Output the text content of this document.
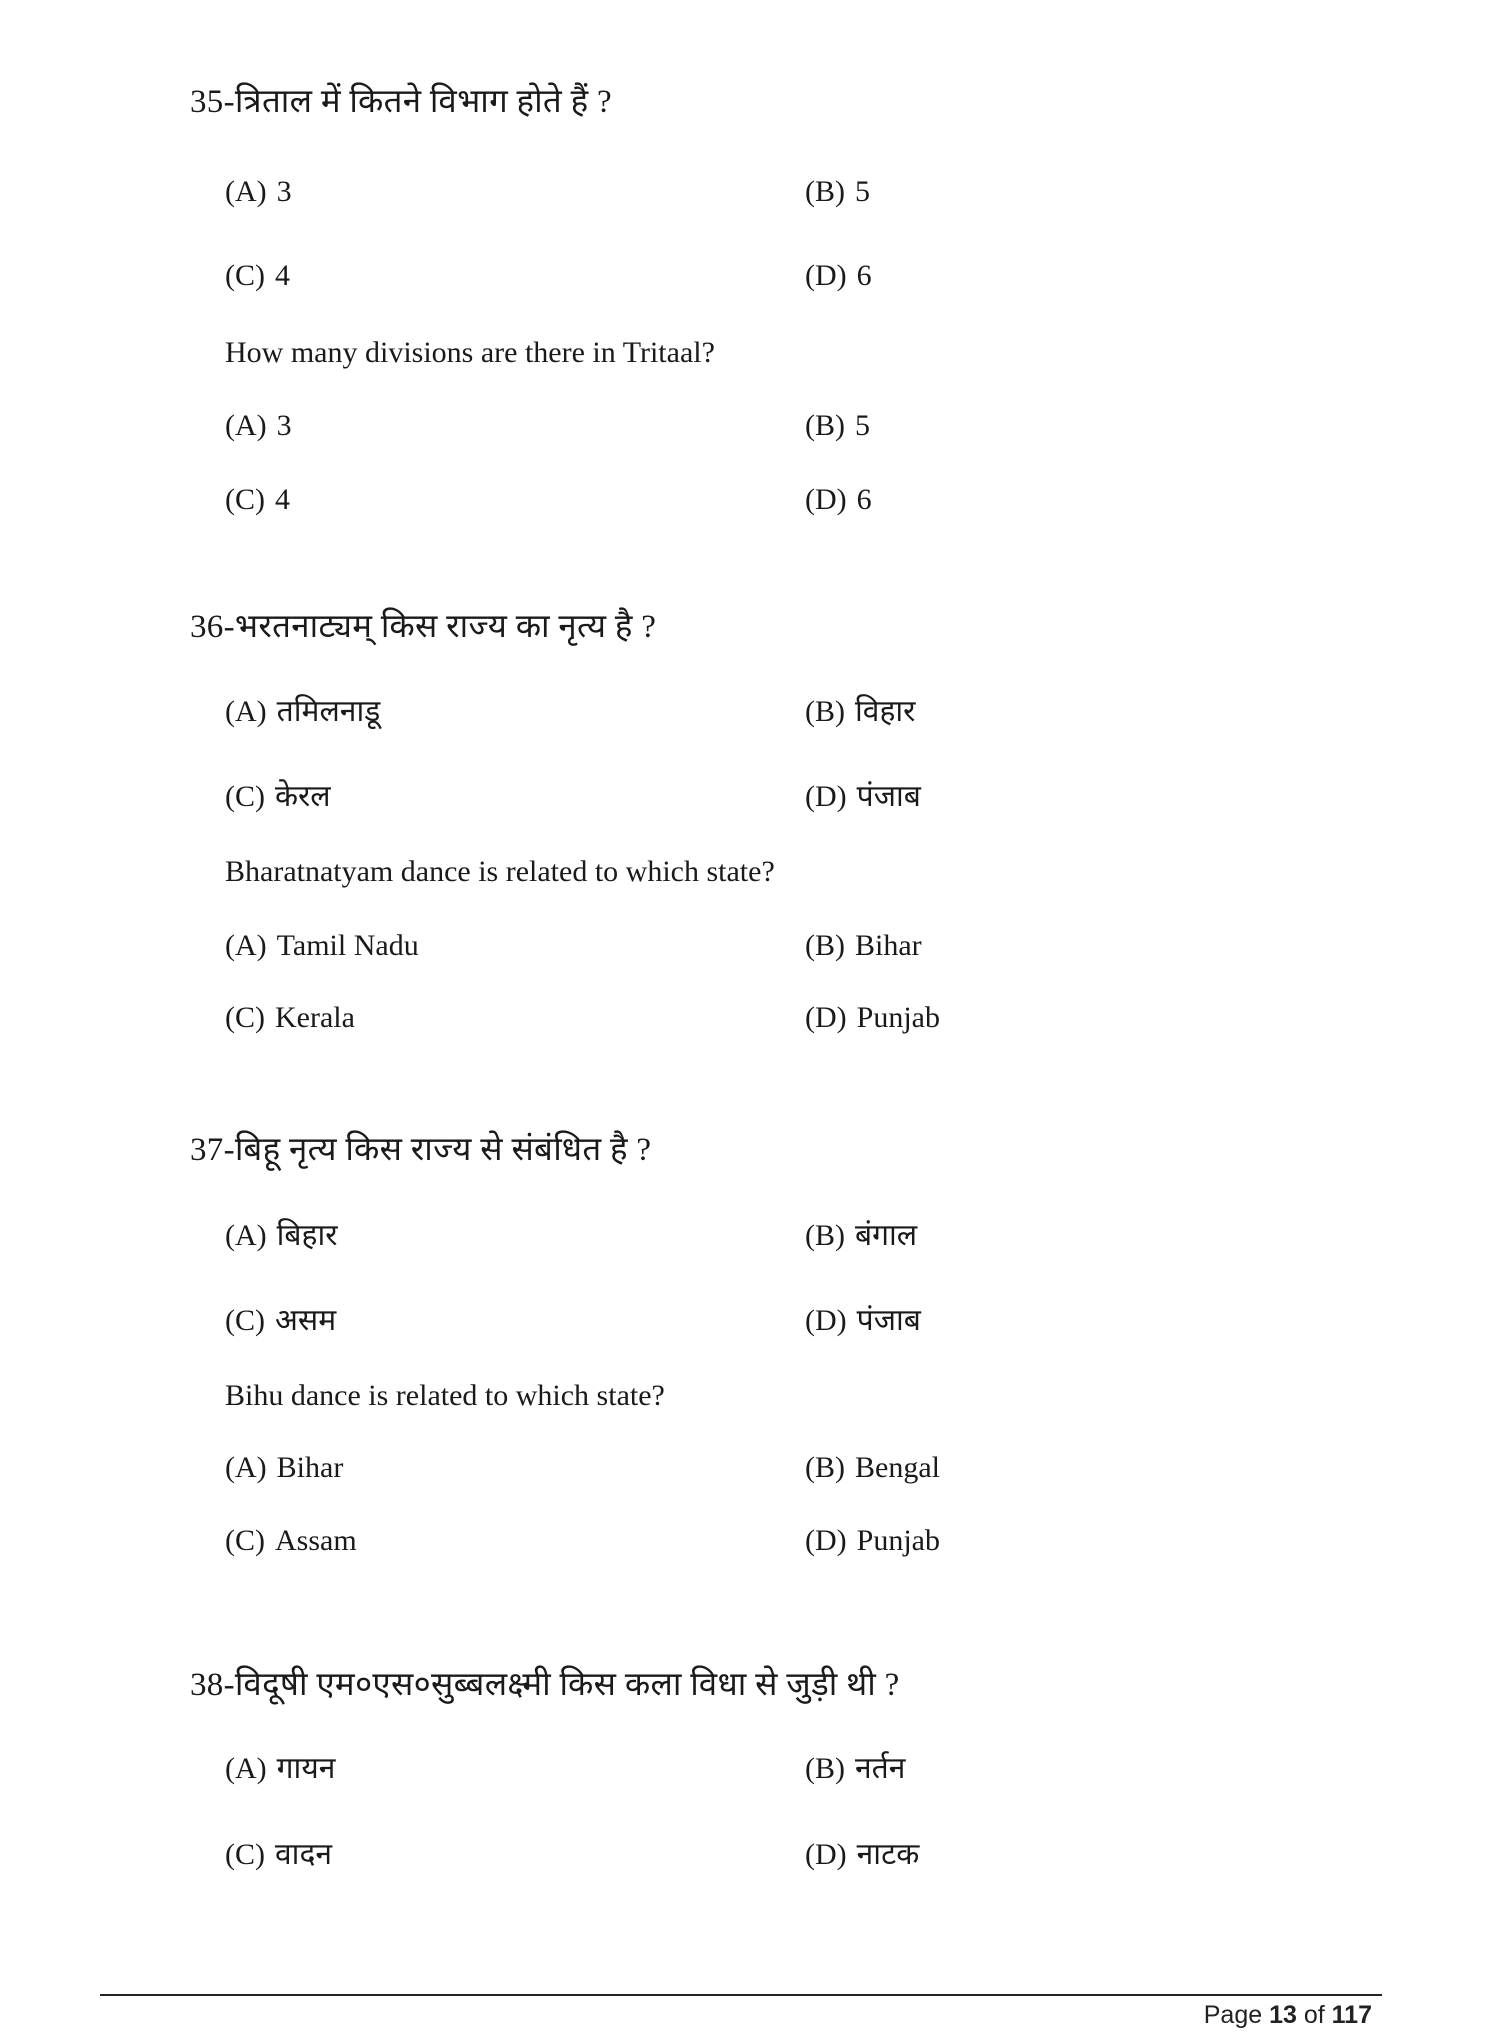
35-त्रिताल में कितने विभाग होते हैं ?
(A) 3	(B) 5
(C) 4	(D) 6
How many divisions are there in Tritaal?
(A) 3	(B) 5
(C) 4	(D) 6
36-भरतनाट्यम् किस राज्य का नृत्य है ?
(A) तमिलनाडू	(B) विहार
(C) केरल	(D) पंजाब
Bharatnatyam dance is related to which state?
(A) Tamil Nadu	(B) Bihar
(C) Kerala	(D) Punjab
37-बिहू नृत्य किस राज्य से संबंधित है ?
(A) बिहार	(B) बंगाल
(C) असम	(D) पंजाब
Bihu dance is related to which state?
(A) Bihar	(B) Bengal
(C) Assam	(D) Punjab
38-विदूषी एम०एस०सुब्बलक्ष्मी किस कला विधा से जुड़ी थी ?
(A) गायन	(B) नर्तन
(C) वादन	(D) नाटक
Page 13 of 117
